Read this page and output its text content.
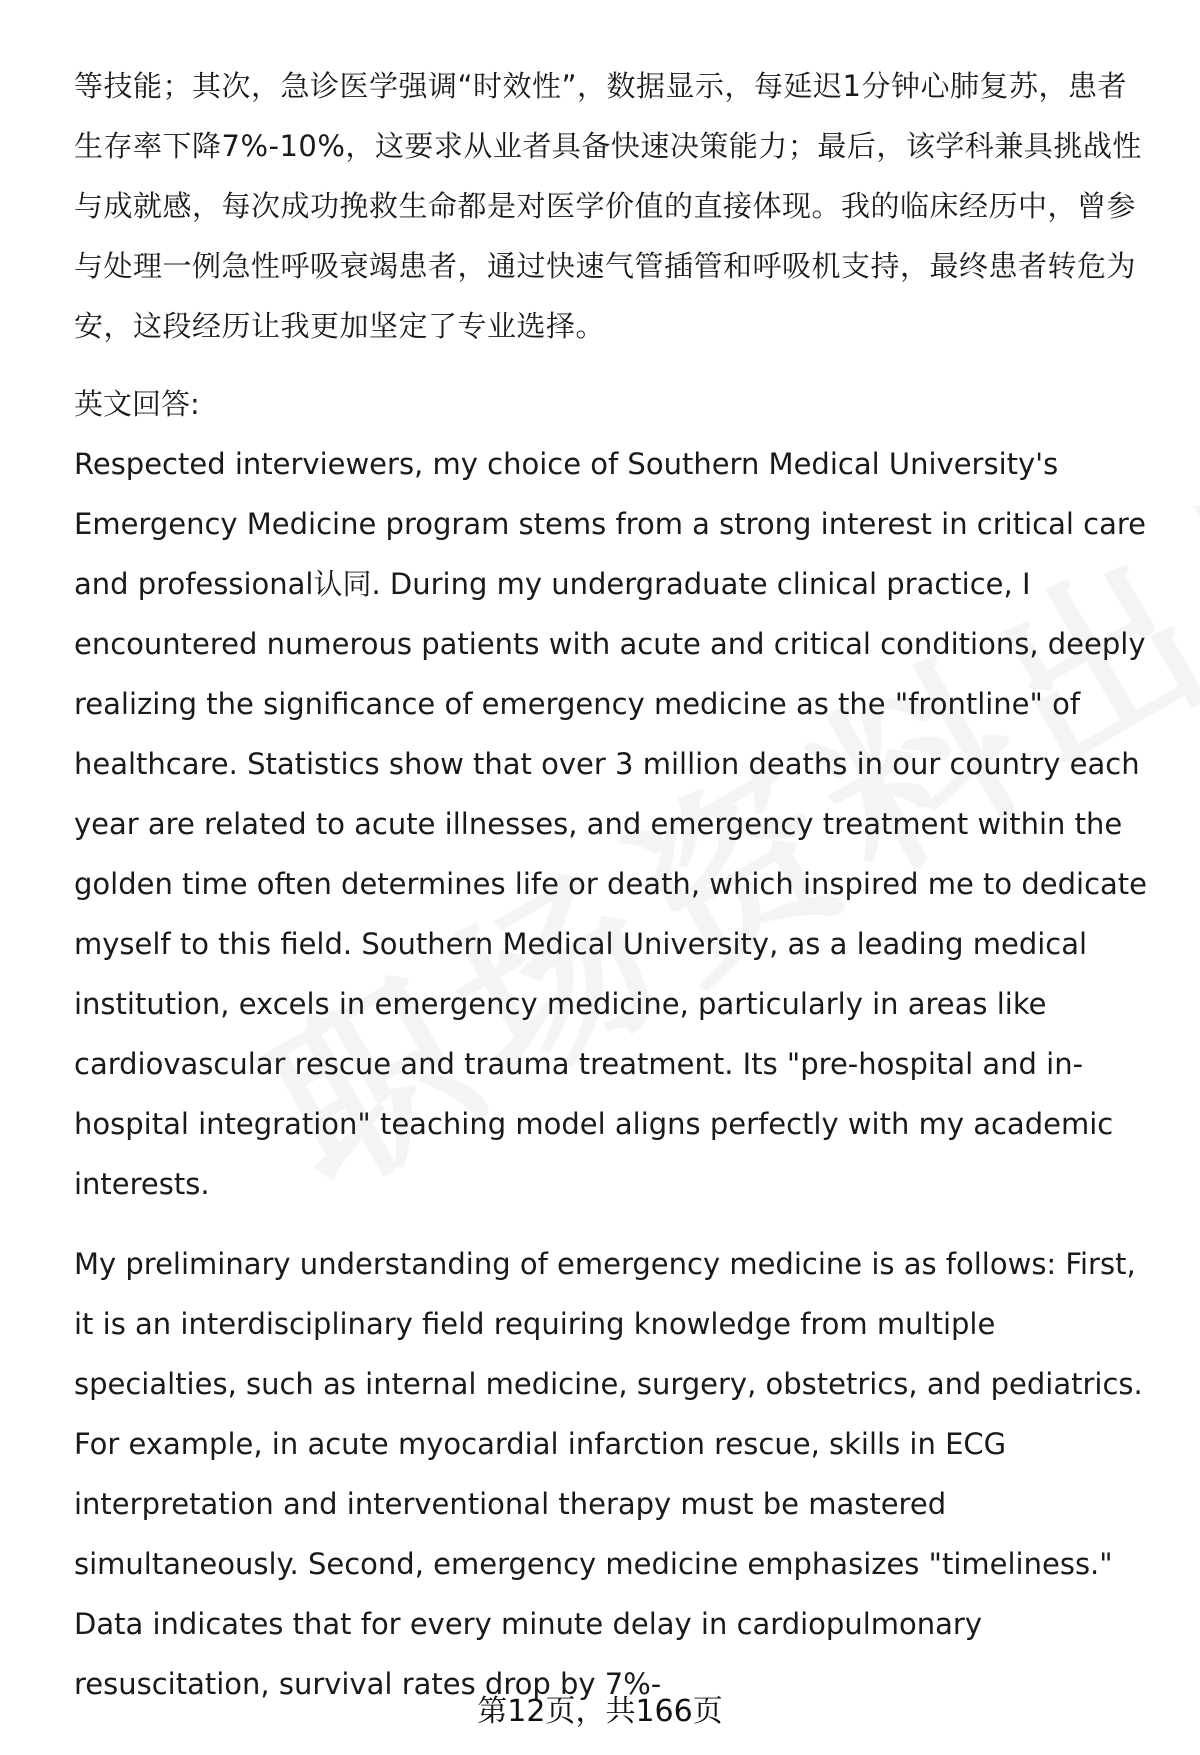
等技能；其次，急诊医学强调“时效性”，数据显示，每延迟1分钟心肺复苏，患者生存率下降7%-10%，这要求从业者具备快速决策能力；最后，该学科兼具挑战性与成就感，每次成功挽救生命都是对医学价值的直接体现。我的临床经历中，曾参与处理一例急性呼吸衰竭患者，通过快速气管插管和呼吸机支持，最终患者转危为安，这段经历让我更加坚定了专业选择。

英文回答:

Respected interviewers, my choice of Southern Medical University's Emergency Medicine program stems from a strong interest in critical care and professional认同. During my undergraduate clinical practice, I encountered numerous patients with acute and critical conditions, deeply realizing the significance of emergency medicine as the "frontline" of healthcare. Statistics show that over 3 million deaths in our country each year are related to acute illnesses, and emergency treatment within the golden time often determines life or death, which inspired me to dedicate myself to this field. Southern Medical University, as a leading medical institution, excels in emergency medicine, particularly in areas like cardiovascular rescue and trauma treatment. Its "pre-hospital and in-hospital integration" teaching model aligns perfectly with my academic interests.

My preliminary understanding of emergency medicine is as follows: First, it is an interdisciplinary field requiring knowledge from multiple specialties, such as internal medicine, surgery, obstetrics, and pediatrics. For example, in acute myocardial infarction rescue, skills in ECG interpretation and interventional therapy must be mastered simultaneously. Second, emergency medicine emphasizes "timeliness." Data indicates that for every minute delay in cardiopulmonary resuscitation, survival rates drop by 7%-

第12页，共166页
